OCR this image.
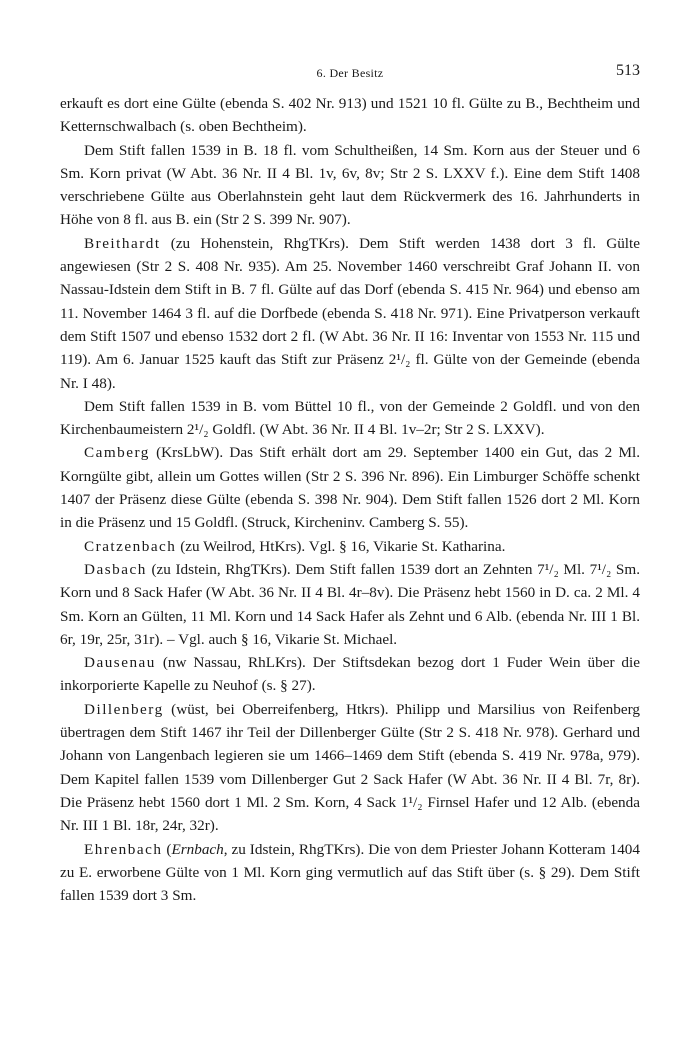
6. Der Besitz	513

erkauft es dort eine Gülte (ebenda S. 402 Nr. 913) und 1521 10 fl. Gülte zu B., Bechtheim und Ketternschwalbach (s. oben Bechtheim).

Dem Stift fallen 1539 in B. 18 fl. vom Schultheißen, 14 Sm. Korn aus der Steuer und 6 Sm. Korn privat (W Abt. 36 Nr. II 4 Bl. 1v, 6v, 8v; Str 2 S. LXXV f.). Eine dem Stift 1408 verschriebene Gülte aus Oberlahnstein geht laut dem Rückvermerk des 16. Jahrhunderts in Höhe von 8 fl. aus B. ein (Str 2 S. 399 Nr. 907).

Breithardt (zu Hohenstein, RhgTKrs). Dem Stift werden 1438 dort 3 fl. Gülte angewiesen (Str 2 S. 408 Nr. 935). Am 25. November 1460 verschreibt Graf Johann II. von Nassau-Idstein dem Stift in B. 7 fl. Gülte auf das Dorf (ebenda S. 415 Nr. 964) und ebenso am 11. November 1464 3 fl. auf die Dorfbede (ebenda S. 418 Nr. 971). Eine Privatperson verkauft dem Stift 1507 und ebenso 1532 dort 2 fl. (W Abt. 36 Nr. II 16: Inventar von 1553 Nr. 115 und 119). Am 6. Januar 1525 kauft das Stift zur Präsenz 2¹/₂ fl. Gülte von der Gemeinde (ebenda Nr. I 48).

Dem Stift fallen 1539 in B. vom Büttel 10 fl., von der Gemeinde 2 Goldfl. und von den Kirchenbaumeistern 2¹/₂ Goldfl. (W Abt. 36 Nr. II 4 Bl. 1v–2r; Str 2 S. LXXV).

Camberg (KrsLbW). Das Stift erhält dort am 29. September 1400 ein Gut, das 2 Ml. Korngülte gibt, allein um Gottes willen (Str 2 S. 396 Nr. 896). Ein Limburger Schöffe schenkt 1407 der Präsenz diese Gülte (ebenda S. 398 Nr. 904). Dem Stift fallen 1526 dort 2 Ml. Korn in die Präsenz und 15 Goldfl. (Struck, Kircheninv. Camberg S. 55).

Cratzenbach (zu Weilrod, HtKrs). Vgl. § 16, Vikarie St. Katharina.

Dasbach (zu Idstein, RhgTKrs). Dem Stift fallen 1539 dort an Zehnten 7¹/₂ Ml. 7¹/₂ Sm. Korn und 8 Sack Hafer (W Abt. 36 Nr. II 4 Bl. 4r–8v). Die Präsenz hebt 1560 in D. ca. 2 Ml. 4 Sm. Korn an Gülten, 11 Ml. Korn und 14 Sack Hafer als Zehnt und 6 Alb. (ebenda Nr. III 1 Bl. 6r, 19r, 25r, 31r). – Vgl. auch § 16, Vikarie St. Michael.

Dausenau (nw Nassau, RhLKrs). Der Stiftsdekan bezog dort 1 Fuder Wein über die inkorporierte Kapelle zu Neuhof (s. § 27).

Dillenberg (wüst, bei Oberreifenberg, Htkrs). Philipp und Marsilius von Reifenberg übertragen dem Stift 1467 ihr Teil der Dillenberger Gülte (Str 2 S. 418 Nr. 978). Gerhard und Johann von Langenbach legieren sie um 1466–1469 dem Stift (ebenda S. 419 Nr. 978a, 979). Dem Kapitel fallen 1539 vom Dillenberger Gut 2 Sack Hafer (W Abt. 36 Nr. II 4 Bl. 7r, 8r). Die Präsenz hebt 1560 dort 1 Ml. 2 Sm. Korn, 4 Sack 1¹/₂ Firnsel Hafer und 12 Alb. (ebenda Nr. III 1 Bl. 18r, 24r, 32r).

Ehrenbach (Ernbach, zu Idstein, RhgTKrs). Die von dem Priester Johann Kotteram 1404 zu E. erworbene Gülte von 1 Ml. Korn ging vermutlich auf das Stift über (s. § 29). Dem Stift fallen 1539 dort 3 Sm.
